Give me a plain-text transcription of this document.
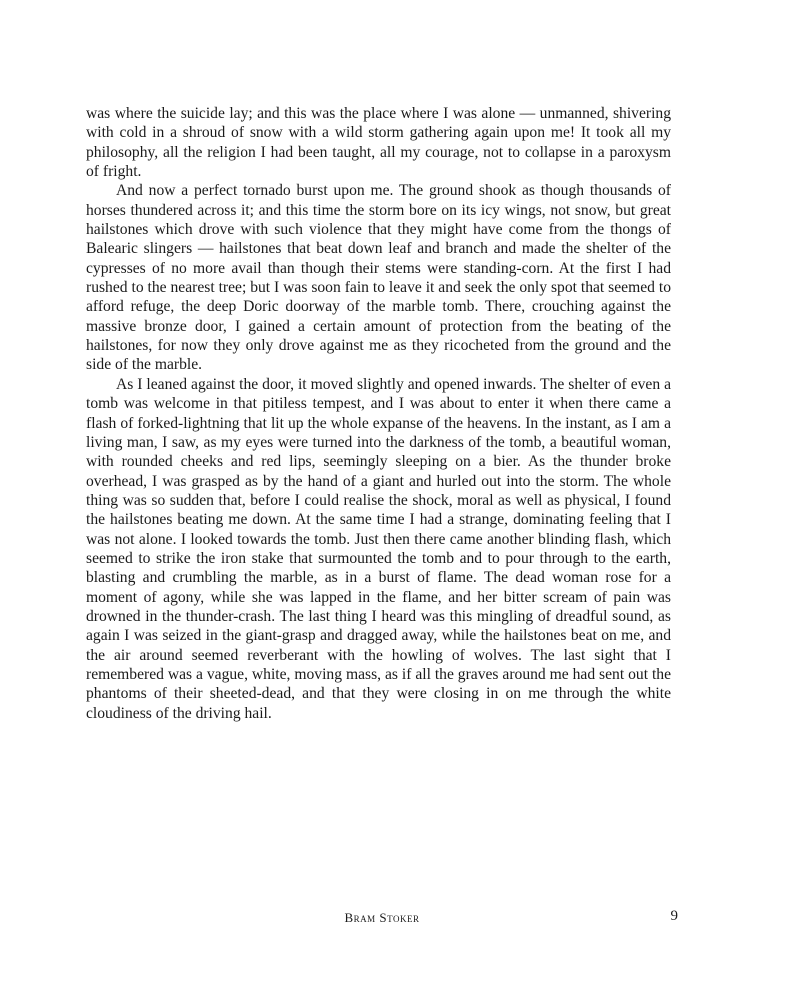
was where the suicide lay; and this was the place where I was alone — unmanned, shivering with cold in a shroud of snow with a wild storm gathering again upon me! It took all my philosophy, all the religion I had been taught, all my courage, not to collapse in a paroxysm of fright.

And now a perfect tornado burst upon me. The ground shook as though thousands of horses thundered across it; and this time the storm bore on its icy wings, not snow, but great hailstones which drove with such violence that they might have come from the thongs of Balearic slingers — hailstones that beat down leaf and branch and made the shelter of the cypresses of no more avail than though their stems were standing-corn. At the first I had rushed to the nearest tree; but I was soon fain to leave it and seek the only spot that seemed to afford refuge, the deep Doric doorway of the marble tomb. There, crouching against the massive bronze door, I gained a certain amount of protection from the beating of the hailstones, for now they only drove against me as they ricocheted from the ground and the side of the marble.

As I leaned against the door, it moved slightly and opened inwards. The shelter of even a tomb was welcome in that pitiless tempest, and I was about to enter it when there came a flash of forked-lightning that lit up the whole expanse of the heavens. In the instant, as I am a living man, I saw, as my eyes were turned into the darkness of the tomb, a beautiful woman, with rounded cheeks and red lips, seemingly sleeping on a bier. As the thunder broke overhead, I was grasped as by the hand of a giant and hurled out into the storm. The whole thing was so sudden that, before I could realise the shock, moral as well as physical, I found the hailstones beating me down. At the same time I had a strange, dominating feeling that I was not alone. I looked towards the tomb. Just then there came another blinding flash, which seemed to strike the iron stake that surmounted the tomb and to pour through to the earth, blasting and crumbling the marble, as in a burst of flame. The dead woman rose for a moment of agony, while she was lapped in the flame, and her bitter scream of pain was drowned in the thunder-crash. The last thing I heard was this mingling of dreadful sound, as again I was seized in the giant-grasp and dragged away, while the hailstones beat on me, and the air around seemed reverberant with the howling of wolves. The last sight that I remembered was a vague, white, moving mass, as if all the graves around me had sent out the phantoms of their sheeted-dead, and that they were closing in on me through the white cloudiness of the driving hail.

Bram Stoker	9
